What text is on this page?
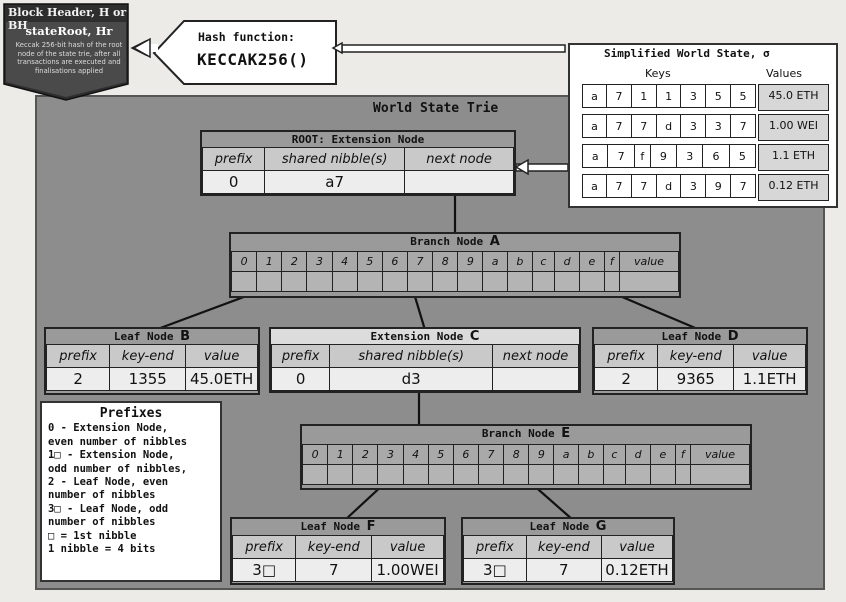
World State Trie
Block Header, H or BH
stateRoot, Hr
Keccak 256-bit hash of the root node of the state trie, after all transactions are executed and finalisations applied
Hash function:
KECCAK256()	Simplified World State, σ
Keys	Values
a	7	1	1	3	5	5	45.0 ETH
a	7	7	d	3	3	7	1.00 WEI
a	7	f	9	3	6	5	1.1 ETH
a	7	7	d	3	9	7	0.12 ETH
ROOT: Extension Node
prefix	shared nibble(s)	next node
0	a7	
Branch Node A
0	1	2	3	4	5	6	7	8	9	a	b	c	d	e	f	value

Leaf Node B
prefix	key-end	value
2	1355	45.0ETH
Extension Node C
prefix	shared nibble(s)	next node
0	d3	
Leaf Node D
prefix	key-end	value
2	9365	1.1ETH
Branch Node E
0	1	2	3	4	5	6	7	8	9	a	b	c	d	e	f	value

Leaf Node F
prefix	key-end	value
3□	7	1.00WEI
Leaf Node G
prefix	key-end	value
3□	7	0.12ETH
Prefixes
0 - Extension Node,
even number of nibbles
1□ - Extension Node,
odd number of nibbles,
2 - Leaf Node, even
number of nibbles
3□ - Leaf Node, odd
number of nibbles
□ = 1st nibble
1 nibble = 4 bits
